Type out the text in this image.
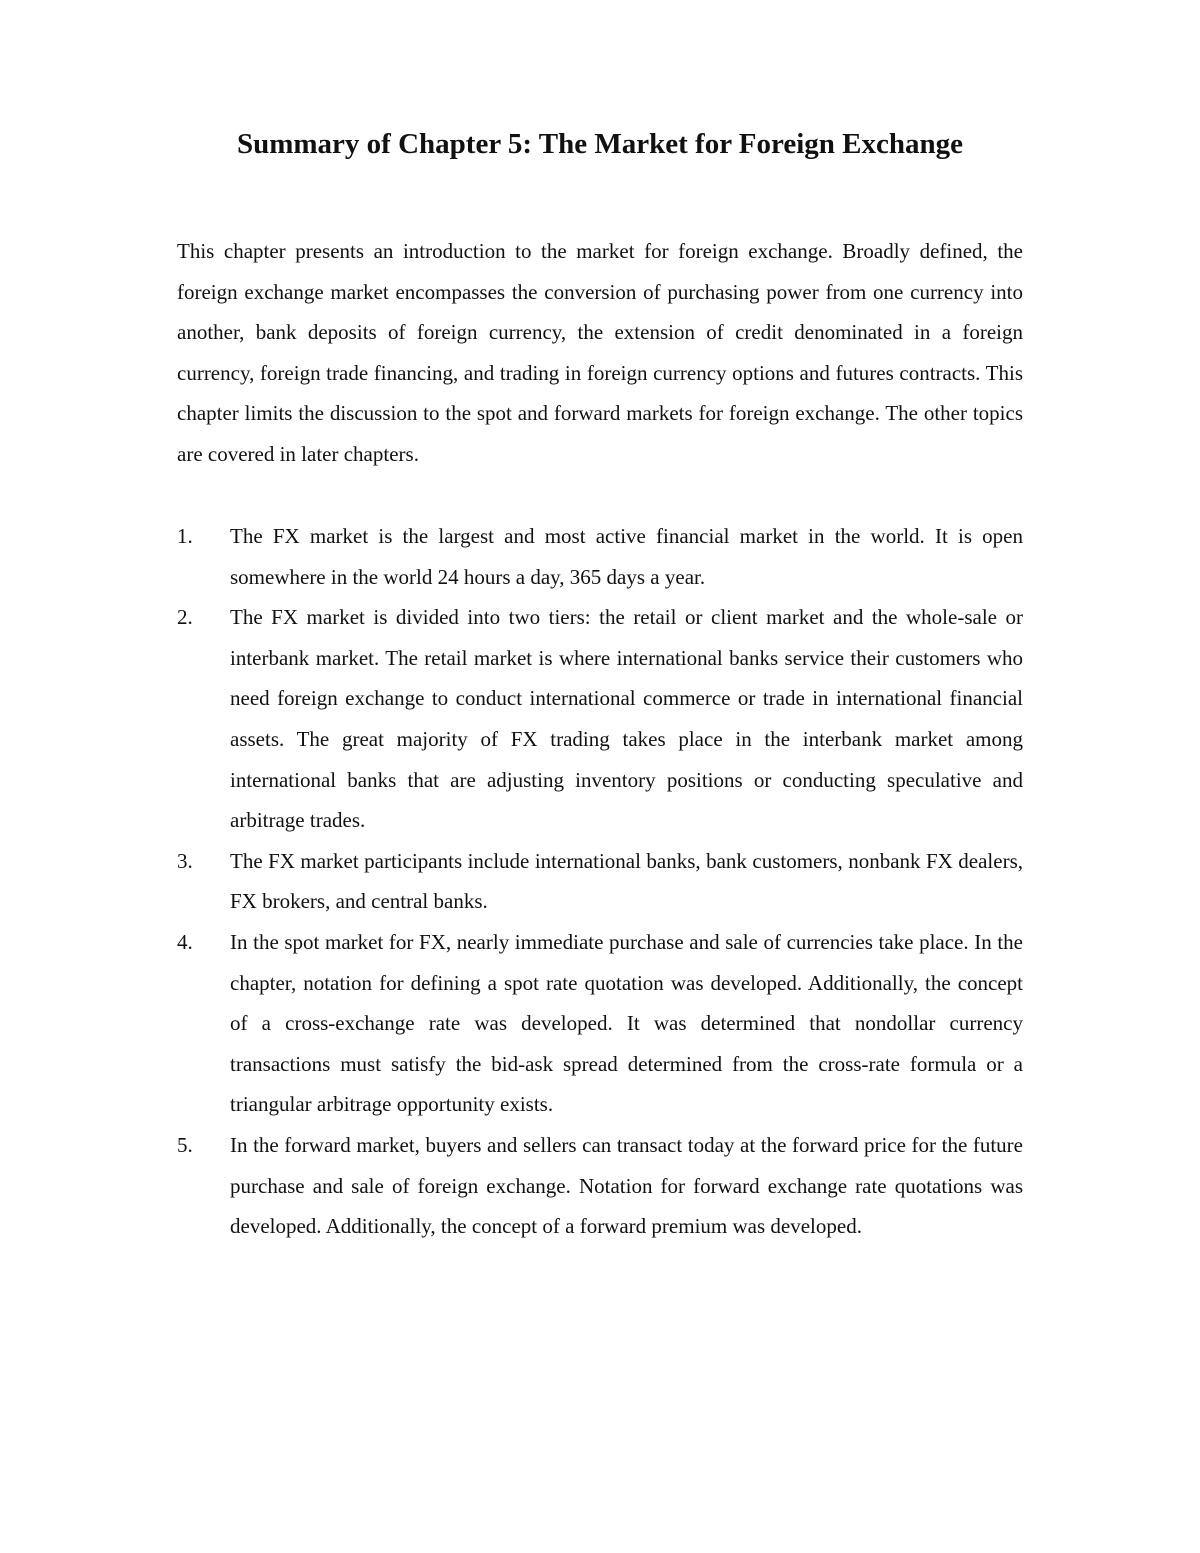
Summary of Chapter 5: The Market for Foreign Exchange

This chapter presents an introduction to the market for foreign exchange. Broadly defined, the foreign exchange market encompasses the conversion of purchasing power from one currency into another, bank deposits of foreign currency, the extension of credit denominated in a foreign currency, foreign trade financing, and trading in foreign currency options and futures contracts. This chapter limits the discussion to the spot and forward markets for foreign exchange. The other topics are covered in later chapters.

1. The FX market is the largest and most active financial market in the world. It is open somewhere in the world 24 hours a day, 365 days a year.
2. The FX market is divided into two tiers: the retail or client market and the whole-sale or interbank market. The retail market is where international banks service their customers who need foreign exchange to conduct international commerce or trade in international financial assets. The great majority of FX trading takes place in the interbank market among international banks that are adjusting inventory positions or conducting speculative and arbitrage trades.
3. The FX market participants include international banks, bank customers, nonbank FX dealers, FX brokers, and central banks.
4. In the spot market for FX, nearly immediate purchase and sale of currencies take place. In the chapter, notation for defining a spot rate quotation was developed. Additionally, the concept of a cross-exchange rate was developed. It was determined that nondollar currency transactions must satisfy the bid-ask spread determined from the cross-rate formula or a triangular arbitrage opportunity exists.
5. In the forward market, buyers and sellers can transact today at the forward price for the future purchase and sale of foreign exchange. Notation for forward exchange rate quotations was developed. Additionally, the concept of a forward premium was developed.
